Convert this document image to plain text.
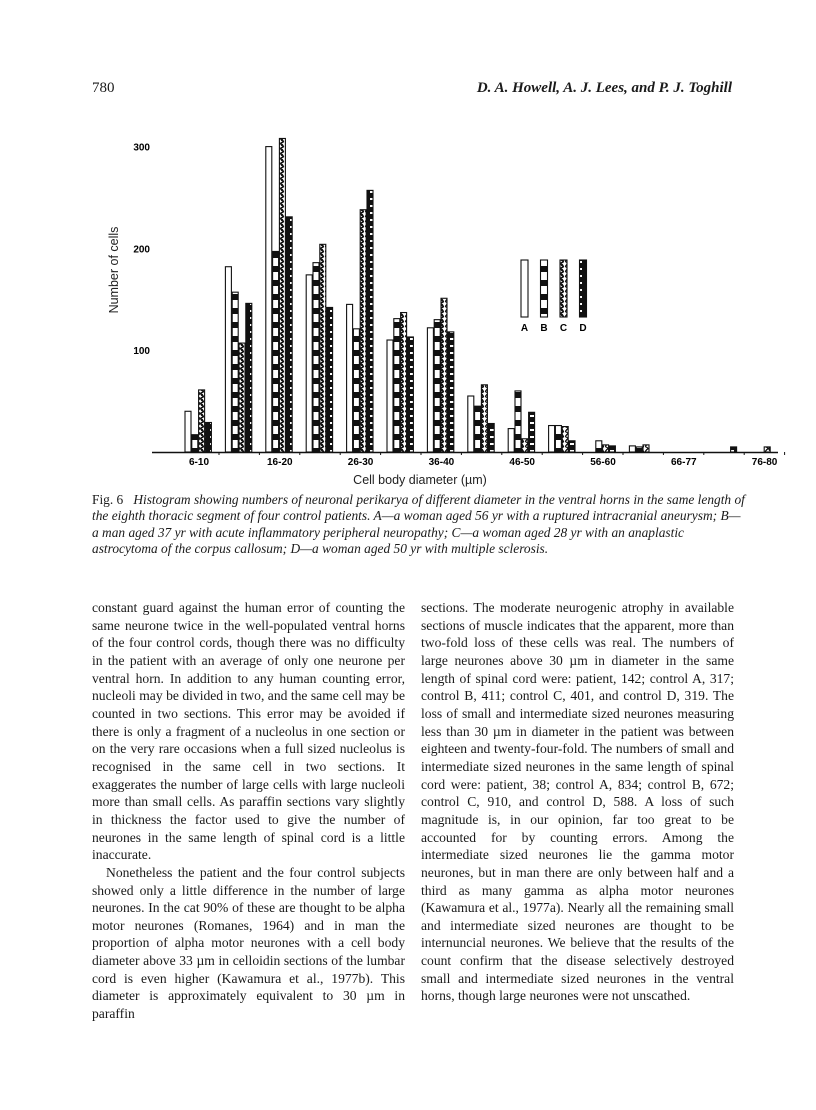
780	D. A. Howell, A. J. Lees, and P. J. Toghill
6-10	16-20	26-30	36-40	46-50	56-60	66-77	76-80
100
200
300
Number of cells
Cell body diameter (µm)
A B C D
Fig. 6 Histogram showing numbers of neuronal perikarya of different diameter in the ventral horns in the same length of the eighth thoracic segment of four control patients. A—a woman aged 56 yr with a ruptured intracranial aneurysm; B—a man aged 37 yr with acute inflammatory peripheral neuropathy; C—a woman aged 28 yr with an anaplastic astrocytoma of the corpus callosum; D—a woman aged 50 yr with multiple sclerosis.

constant guard against the human error of counting the same neurone twice in the well-populated ventral horns of the four control cords, though there was no difficulty in the patient with an average of only one neurone per ventral horn. In addition to any human counting error, nucleoli may be divided in two, and the same cell may be counted in two sections. This error may be avoided if there is only a fragment of a nucleolus in one section or on the very rare occasions when a full sized nucleolus is recognised in the same cell in two sections. It exaggerates the number of large cells with large nucleoli more than small cells. As paraffin sections vary slightly in thickness the factor used to give the number of neurones in the same length of spinal cord is a little inaccurate.

Nonetheless the patient and the four control subjects showed only a little difference in the number of large neurones. In the cat 90% of these are thought to be alpha motor neurones (Romanes, 1964) and in man the proportion of alpha motor neurones with a cell body diameter above 33 µm in celloidin sections of the lumbar cord is even higher (Kawamura et al., 1977b). This diameter is approximately equivalent to 30 µm in paraffin

sections. The moderate neurogenic atrophy in available sections of muscle indicates that the apparent, more than two-fold loss of these cells was real. The numbers of large neurones above 30 µm in diameter in the same length of spinal cord were: patient, 142; control A, 317; control B, 411; control C, 401, and control D, 319. The loss of small and intermediate sized neurones measuring less than 30 µm in diameter in the patient was between eighteen and twenty-four-fold. The numbers of small and intermediate sized neurones in the same length of spinal cord were: patient, 38; control A, 834; control B, 672; control C, 910, and control D, 588. A loss of such magnitude is, in our opinion, far too great to be accounted for by counting errors. Among the intermediate sized neurones lie the gamma motor neurones, but in man there are only between half and a third as many gamma as alpha motor neurones (Kawamura et al., 1977a). Nearly all the remaining small and intermediate sized neurones are thought to be internuncial neurones. We believe that the results of the count confirm that the disease selectively destroyed small and intermediate sized neurones in the ventral horns, though large neurones were not unscathed.
